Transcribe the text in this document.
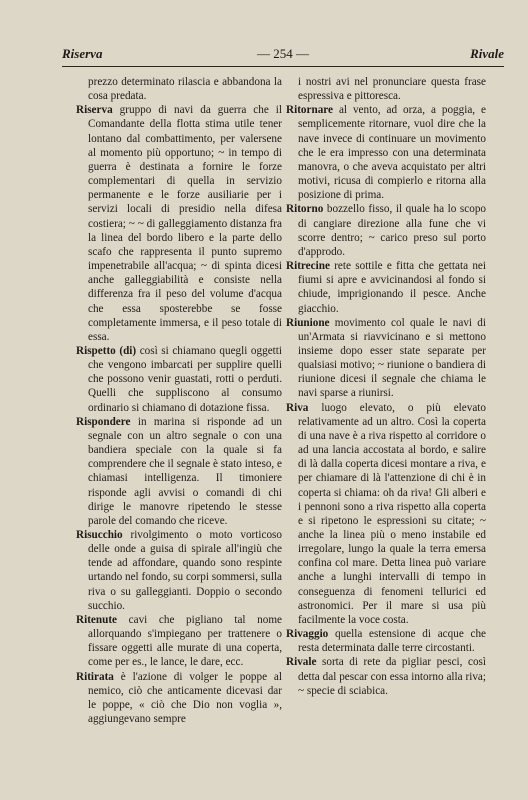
Riserva	— 254 —	Rivale

prezzo determinato rilascia e abbandona la cosa predata.

Riserva gruppo di navi da guerra che il Comandante della flotta stima utile tener lontano dal combattimento, per valersene al momento più opportuno; ~ in tempo di guerra è destinata a fornire le forze complementari di quella in servizio permanente e le forze ausiliarie per i servizi locali di presidio nella difesa costiera; ~ ~ di galleggiamento distanza fra la linea del bordo libero e la parte dello scafo che rappresenta il punto supremo impenetrabile all'acqua; ~ di spinta dicesi anche galleggiabilità e consiste nella differenza fra il peso del volume d'acqua che essa sposterebbe se fosse completamente immersa, e il peso totale di essa.

Rispetto (di) così si chiamano quegli oggetti che vengono imbarcati per supplire quelli che possono venir guastati, rotti o perduti. Quelli che suppliscono al consumo ordinario si chiamano di dotazione fissa.

Rispondere in marina si risponde ad un segnale con un altro segnale o con una bandiera speciale con la quale si fa comprendere che il segnale è stato inteso, e chiamasi intelligenza. Il timoniere risponde agli avvisi o comandi di chi dirige le manovre ripetendo le stesse parole del comando che riceve.

Risucchio rivolgimento o moto vorticoso delle onde a guisa di spirale all'ingiù che tende ad affondare, quando sono respinte urtando nel fondo, su corpi sommersi, sulla riva o su galleggianti. Doppio o secondo succhio.

Ritenute cavi che pigliano tal nome allorquando s'impiegano per trattenere o fissare oggetti alle murate di una coperta, come per es., le lance, le dare, ecc.

Ritirata è l'azione di volger le poppe al nemico, ciò che anticamente dicevasi dar le poppe, « ciò che Dio non voglia », aggiungevano sempre

i nostri avi nel pronunciare questa frase espressiva e pittoresca.

Ritornare al vento, ad orza, a poggia, e semplicemente ritornare, vuol dire che la nave invece di continuare un movimento che le era impresso con una determinata manovra, o che aveva acquistato per altri motivi, ricusa di compierlo e ritorna alla posizione di prima.

Ritorno bozzello fisso, il quale ha lo scopo di cangiare direzione alla fune che vi scorre dentro; ~ carico preso sul porto d'approdo.

Ritrecine rete sottile e fitta che gettata nei fiumi si apre e avvicinandosi al fondo si chiude, imprigionando il pesce. Anche giacchio.

Riunione movimento col quale le navi di un'Armata si riavvicinano e si mettono insieme dopo esser state separate per qualsiasi motivo; ~ riunione o bandiera di riunione dicesi il segnale che chiama le navi sparse a riunirsi.

Riva luogo elevato, o più elevato relativamente ad un altro. Così la coperta di una nave è a riva rispetto al corridore o ad una lancia accostata al bordo, e salire di là dalla coperta dicesi montare a riva, e per chiamare di là l'attenzione di chi è in coperta si chiama: oh da riva! Gli alberi e i pennoni sono a riva rispetto alla coperta e si ripetono le espressioni su citate; ~ anche la linea più o meno instabile ed irregolare, lungo la quale la terra emersa confina col mare. Detta linea può variare anche a lunghi intervalli di tempo in conseguenza di fenomeni tellurici ed astronomici. Per il mare si usa più facilmente la voce costa.

Rivaggio quella estensione di acque che resta determinata dalle terre circostanti.

Rivale sorta di rete da pigliar pesci, così detta dal pescar con essa intorno alla riva; ~ specie di sciabica.
